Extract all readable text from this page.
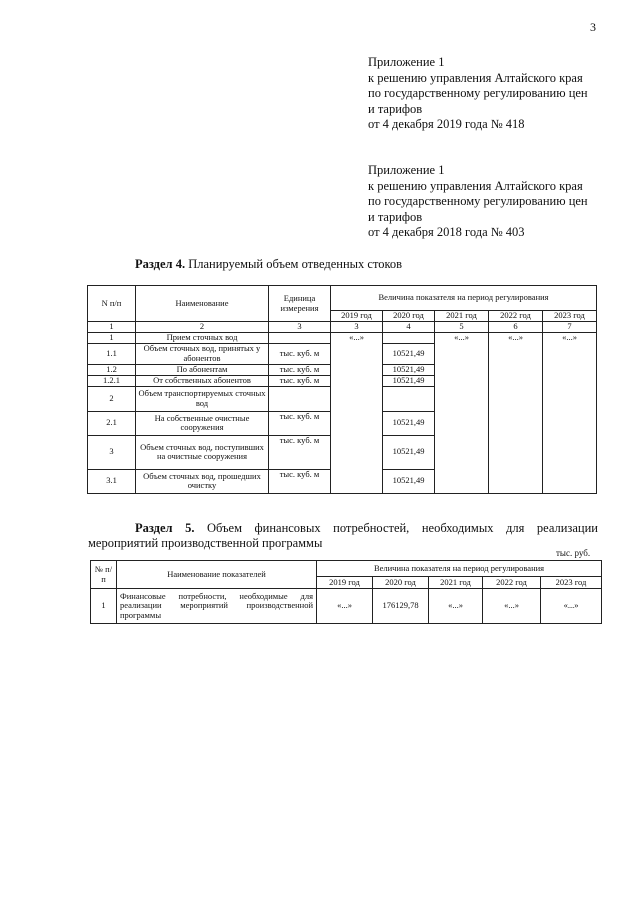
3
Приложение 1
к решению управления Алтайского края
по государственному регулированию цен
и тарифов
от 4 декабря 2019 года № 418
Приложение 1
к решению управления Алтайского края
по государственному регулированию цен
и тарифов
от 4 декабря 2018 года № 403
Раздел 4. Планируемый объем отведенных стоков
N п/п	Наименование	Единица измерения	Величина показателя на период регулирования				
			2019 год	2020 год	2021 год	2022 год	2023 год
1	2	3	3	4	5	6	7
1	Прием сточных вод		«...»		«...»	«...»	«...»
1.1	Объем сточных вод, принятых у абонентов	тыс. куб. м		10521,49			
1.2	По абонентам	тыс. куб. м		10521,49			
1.2.1	От собственных абонентов	тыс. куб. м		10521,49			
2	Объем транспортируемых сточных вод						
2.1	На собственные очистные сооружения	тыс. куб. м		10521,49			
3	Объем сточных вод, поступивших на очистные сооружения	тыс. куб. м		10521,49			
3.1	Объем сточных вод, прошедших очистку	тыс. куб. м		10521,49			
Раздел 5. Объем финансовых потребностей, необходимых для реализации мероприятий производственной программы
тыс. руб.
№ п/п	Наименование показателей	Величина показателя на период регулирования				
		2019 год	2020 год	2021 год	2022 год	2023 год
1	Финансовые потребности, необходимые для реализации мероприятий производственной программы	«...»	176129,78	«...»	«...»	«...»
